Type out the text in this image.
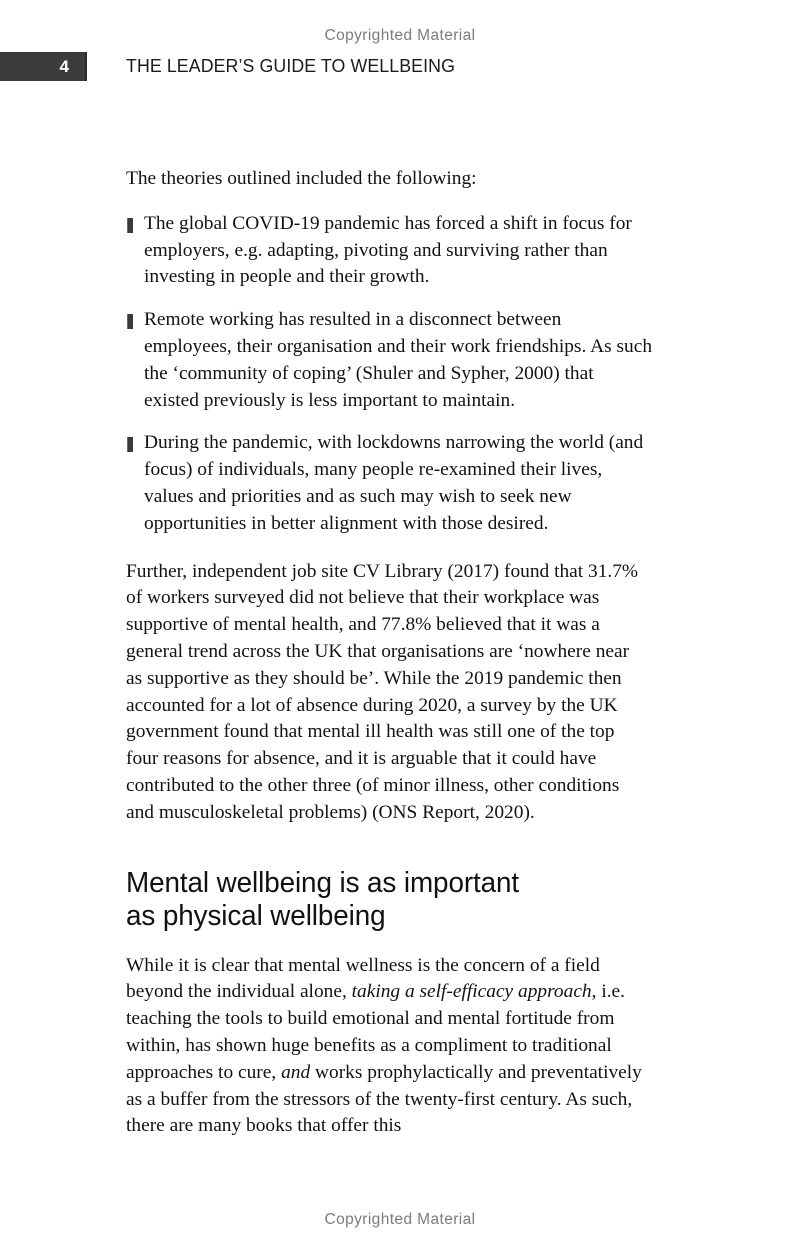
Copyrighted Material
4	THE LEADER’S GUIDE TO WELLBEING

The theories outlined included the following:

The global COVID-19 pandemic has forced a shift in focus for employers, e.g. adapting, pivoting and surviving rather than investing in people and their growth.
Remote working has resulted in a disconnect between employees, their organisation and their work friendships. As such the ‘community of coping’ (Shuler and Sypher, 2000) that existed previously is less important to maintain.
During the pandemic, with lockdowns narrowing the world (and focus) of individuals, many people re-examined their lives, values and priorities and as such may wish to seek new opportunities in better alignment with those desired.

Further, independent job site CV Library (2017) found that 31.7% of workers surveyed did not believe that their workplace was supportive of mental health, and 77.8% believed that it was a general trend across the UK that organisations are ‘nowhere near as supportive as they should be’. While the 2019 pandemic then accounted for a lot of absence during 2020, a survey by the UK government found that mental ill health was still one of the top four reasons for absence, and it is arguable that it could have contributed to the other three (of minor illness, other conditions and musculoskeletal problems) (ONS Report, 2020).

Mental wellbeing is as important as physical wellbeing

While it is clear that mental wellness is the concern of a field beyond the individual alone, taking a self-efficacy approach, i.e. teaching the tools to build emotional and mental fortitude from within, has shown huge benefits as a compliment to traditional approaches to cure, and works prophylactically and preventatively as a buffer from the stressors of the twenty-first century. As such, there are many books that offer this

Copyrighted Material
